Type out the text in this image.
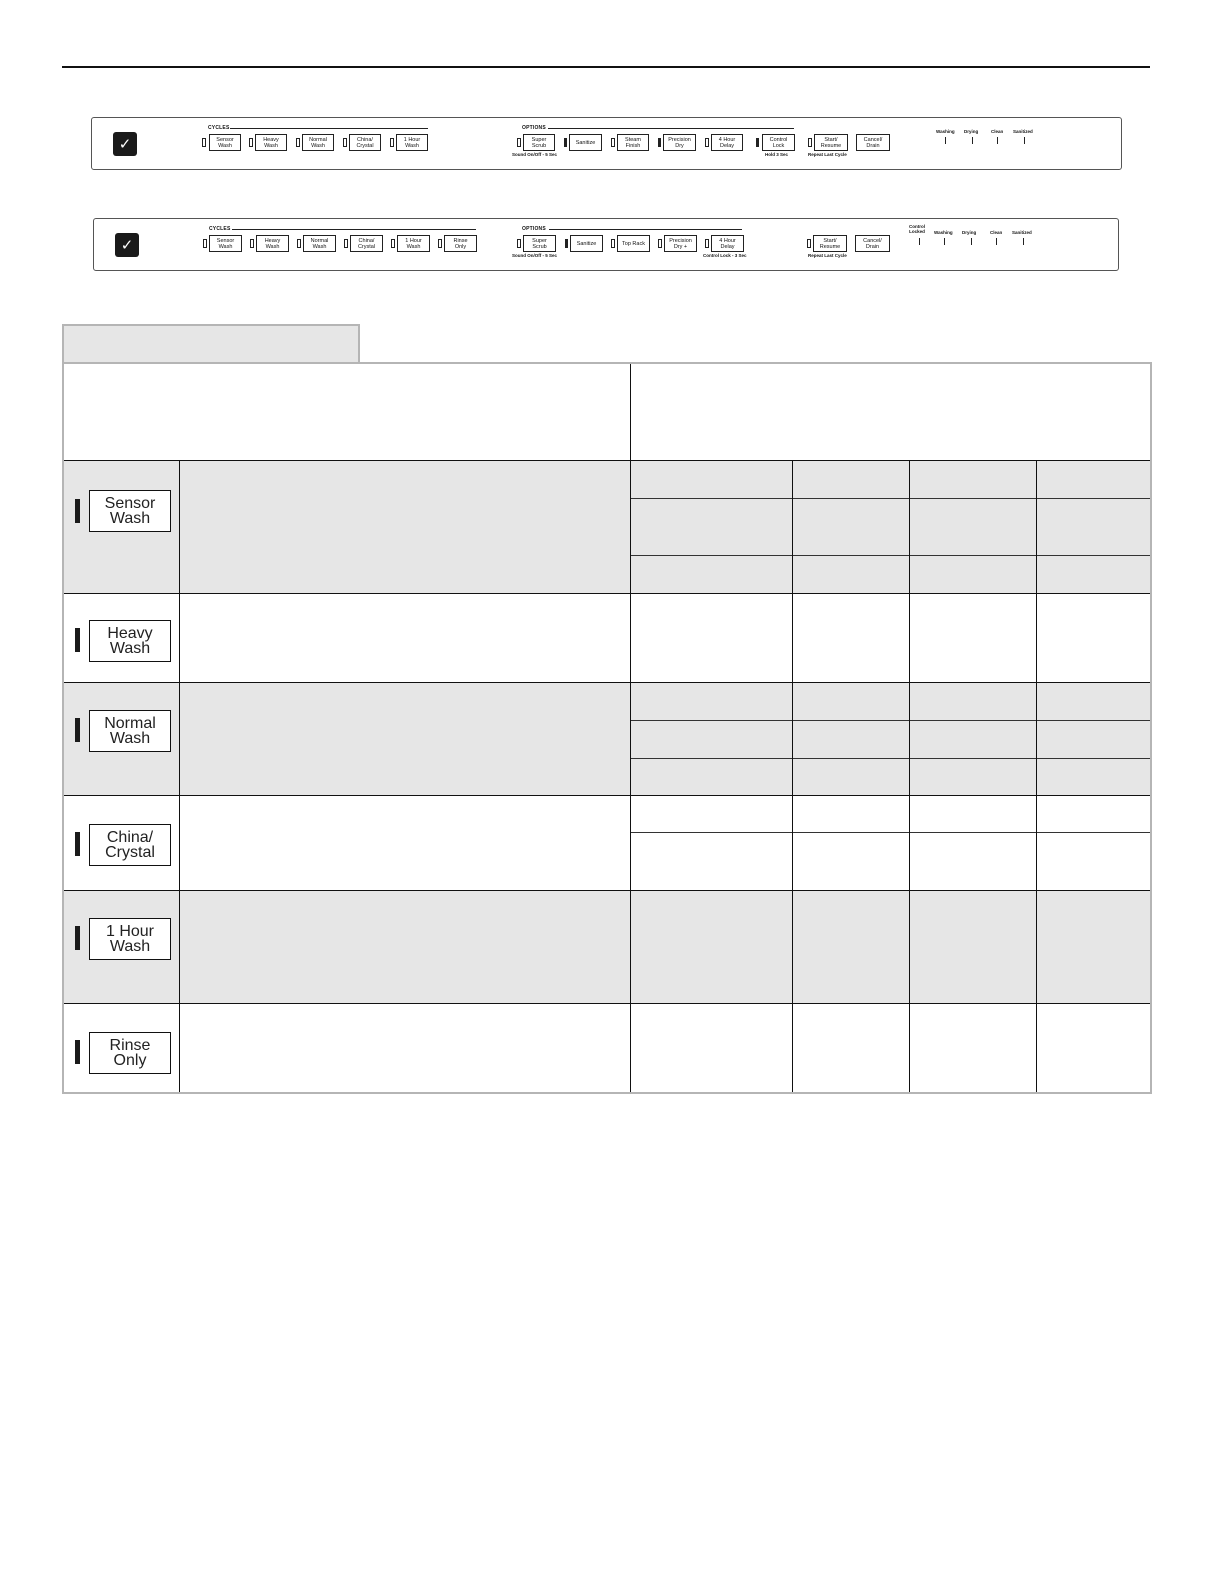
✓
CYCLES
Sensor
Wash
Heavy
Wash
Normal
Wash
China/
Crystal
1 Hour
Wash
OPTIONS
Super
Scrub	Sanitize	Steam
Finish
Precision
Dry
4 Hour
Delay
Control
Lock
Start/
Resume
Cancel/
Drain
Sound On/Off - 5 Sec	Hold 3 Sec	Repeat Last Cycle
Washing Drying	Clean Sanitized
✓
CYCLES
Sensor
Wash
Heavy
Wash
Normal
Wash
China/
Crystal
1 Hour
Wash
Rinse
Only
OPTIONS
Super
Scrub	Sanitize	Top Rack	Precision
Dry +
4 Hour
Delay
Start/
Resume
Cancel/
Drain
Sound On/Off - 5 Sec	Control Lock - 3 Sec	Repeat Last Cycle
Control
Locked Washing Drying	Clean Sanitized
Sensor
Wash
Heavy
Wash
Normal
Wash
China/
Crystal
1 Hour
Wash
Rinse
Only
